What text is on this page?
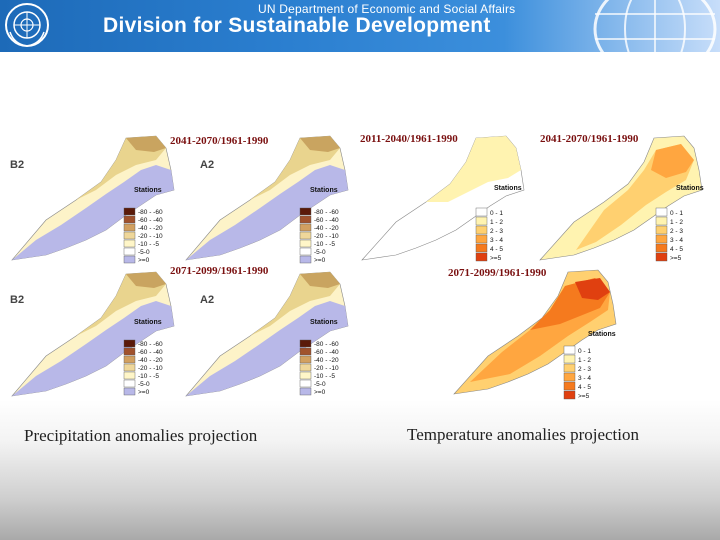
UN Department of Economic and Social Affairs
Division for Sustainable Development
2041-2070/1961-1990
2071-2099/1961-1990
B2	A2
B2	A2
Stations	Stations
Stations	Stations
-80 - -60
-60 - -40
-40 - -20
-20 - -10
-10 - -5
-5-0
>=0
-80 - -60
-60 - -40
-40 - -20
-20 - -10
-10 - -5
-5-0
>=0
-80 - -60
-60 - -40
-40 - -20
-20 - -10
-10 - -5
-5-0
>=0
-80 - -60
-60 - -40
-40 - -20
-20 - -10
-10 - -5
-5-0
>=0
2011-2040/1961-1990	2041-2070/1961-1990
2071-2099/1961-1990
Stations	Stations
Stations
0 - 1
1 - 2
2 - 3
3 - 4
4 - 5
>=5
0 - 1
1 - 2
2 - 3
3 - 4
4 - 5
>=5
0 - 1
1 - 2
2 - 3
3 - 4
4 - 5
>=5
Precipitation anomalies projection	Temperature anomalies projection
